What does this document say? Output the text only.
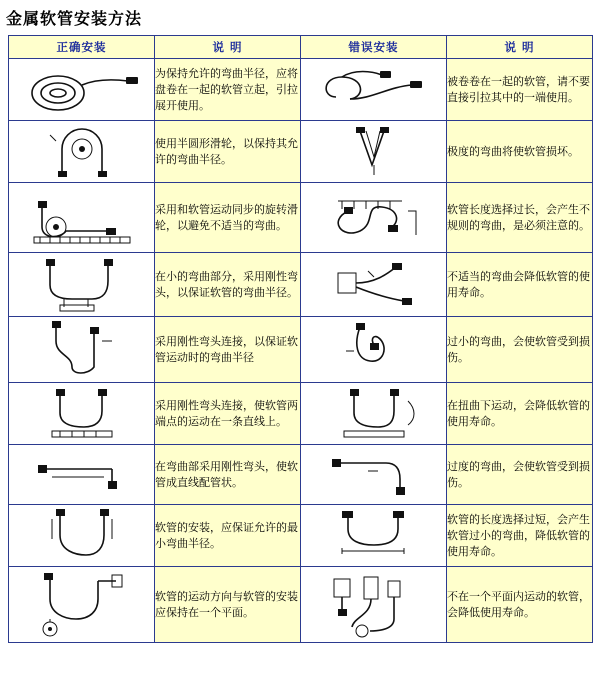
金属软管安装方法
正确安装	说 明	错误安装	说 明

	为保持允许的弯曲半径，应将盘卷在一起的软管立起，引拉展开使用。		被卷卷在一起的软管，请不要直接引拉其中的一端使用。

	使用半圆形滑轮，以保持其允许的弯曲半径。		极度的弯曲将使软管损坏。

	采用和软管运动同步的旋转滑轮，以避免不适当的弯曲。		软管长度选择过长，会产生不规则的弯曲，是必须注意的。

	在小的弯曲部分，采用刚性弯头，以保证软管的弯曲半径。		不适当的弯曲会降低软管的使用寿命。

	采用刚性弯头连接，以保证软管运动时的弯曲半径		过小的弯曲，会使软管受到损伤。

	采用刚性弯头连接，使软管两端点的运动在一条直线上。		在扭曲下运动，会降低软管的使用寿命。

	在弯曲部采用刚性弯头，使软管成直线配管状。		过度的弯曲，会使软管受到损伤。

	软管的安装，应保证允许的最小弯曲半径。		软管的长度选择过短，会产生软管过小的弯曲，降低软管的使用寿命。

	软管的运动方向与软管的安装应保持在一个平面。		不在一个平面内运动的软管，会降低使用寿命。
